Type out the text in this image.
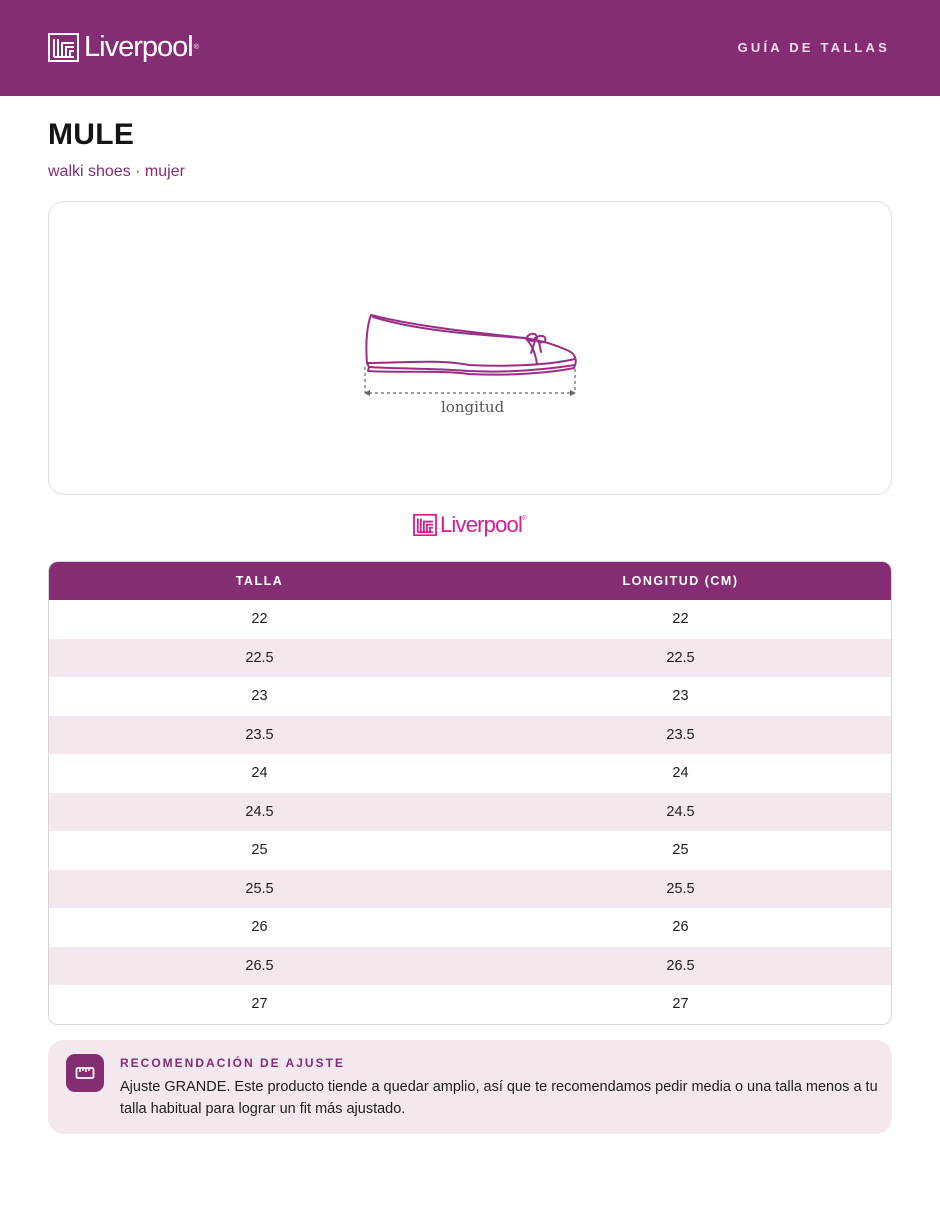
Liverpool ®	GUÍA DE TALLAS
MULE
walki shoes · mujer
longitud
Liverpool ®
TALLA	LONGITUD (CM)
22	22
22.5	22.5
23	23
23.5	23.5
24	24
24.5	24.5
25	25
25.5	25.5
26	26
26.5	26.5
27	27
RECOMENDACIÓN DE AJUSTE
Ajuste GRANDE. Este producto tiende a quedar amplio, así que te recomendamos pedir media o una talla menos a tu talla habitual para lograr un fit más ajustado.
